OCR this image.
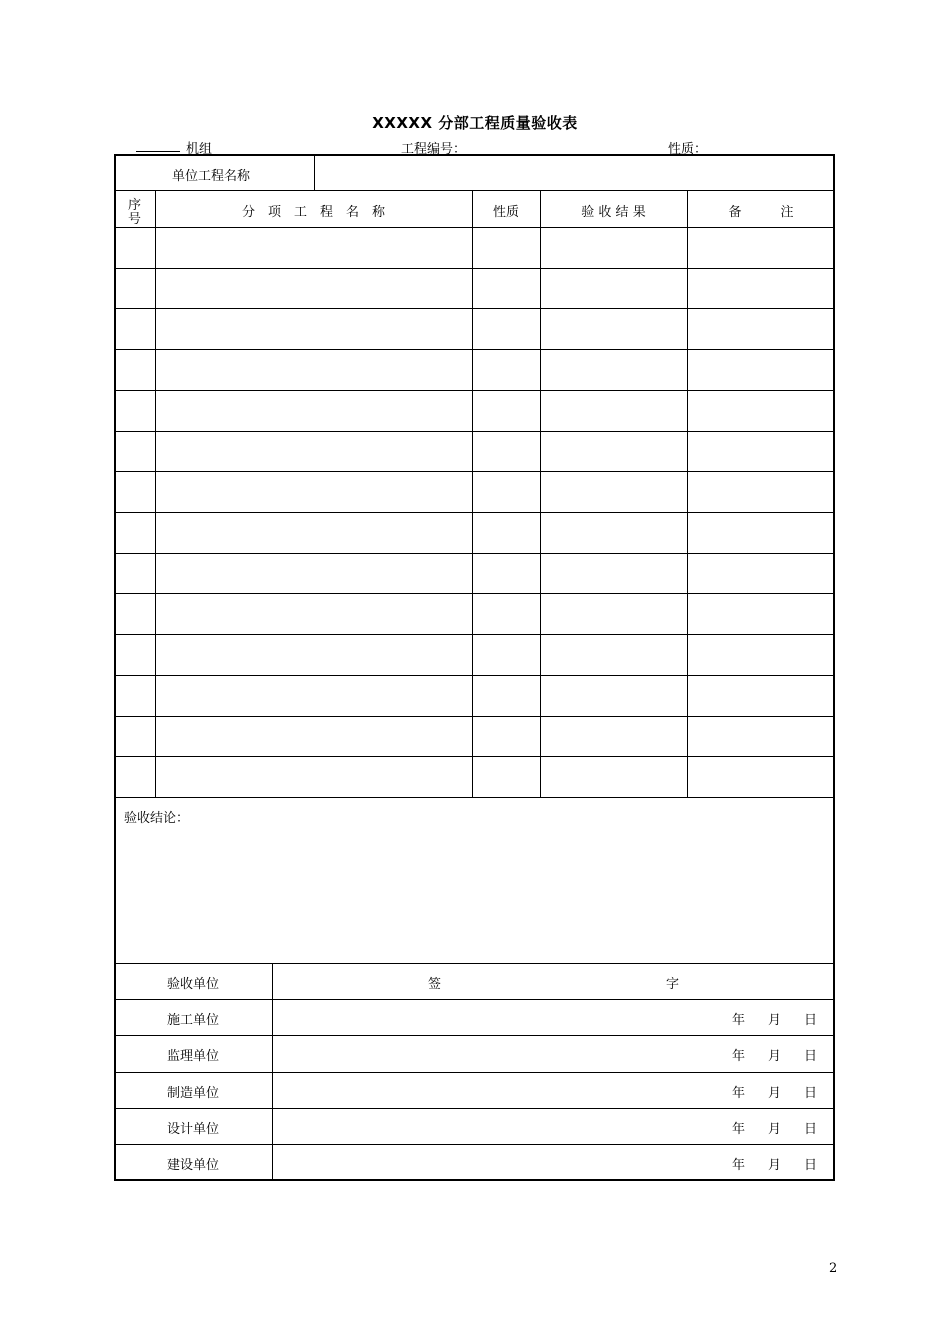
XXXXX 分部工程质量验收表
机组	工程编号：	性质：
单位工程名称
序
号	分　项　工　程　名　称	性质	验 收 结 果	备　　　注
验收结论：
验收单位	签	字
施工单位	年 月 日
监理单位	年 月 日
制造单位	年 月 日
设计单位	年 月 日
建设单位	年 月 日
2
